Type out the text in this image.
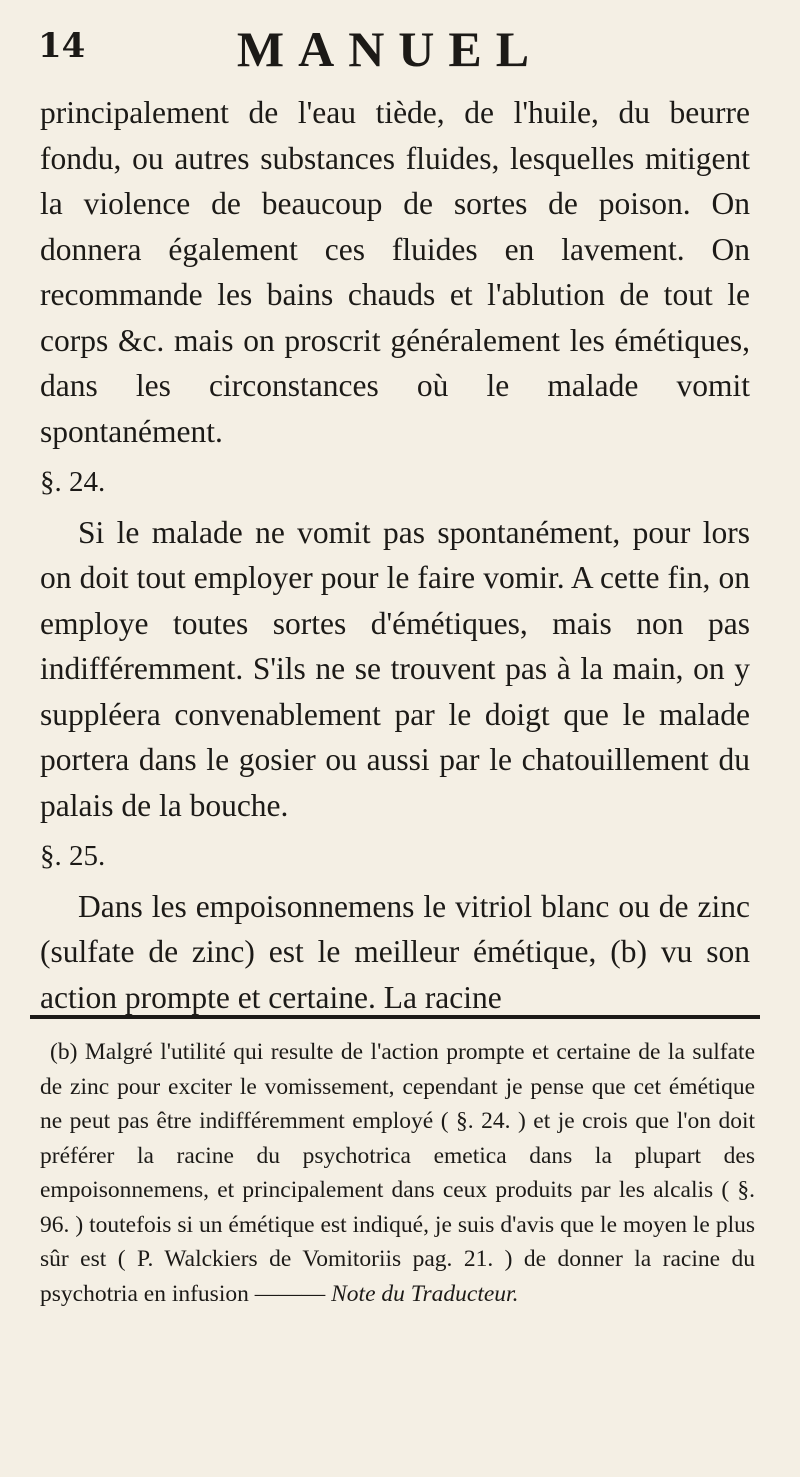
14	MANUEL

principalement de l'eau tiède, de l'huile, du beurre fondu, ou autres substances fluides, lesquelles mitigent la violence de beaucoup de sortes de poison. On donnera également ces fluides en lavement. On recommande les bains chauds et l'ablution de tout le corps &c. mais on proscrit généralement les émétiques, dans les circonstances où le malade vomit spontanément.

§. 24.

Si le malade ne vomit pas spontanément, pour lors on doit tout employer pour le faire vomir. A cette fin, on employe toutes sortes d'émétiques, mais non pas indifféremment. S'ils ne se trouvent pas à la main, on y suppléera convenablement par le doigt que le malade portera dans le gosier ou aussi par le chatouillement du palais de la bouche.

§. 25.

Dans les empoisonnemens le vitriol blanc ou de zinc (sulfate de zinc) est le meilleur émétique, (b) vu son action prompte et certaine. La racine

(b) Malgré l'utilité qui resulte de l'action prompte et certaine de la sulfate de zinc pour exciter le vomissement, cependant je pense que cet émétique ne peut pas être indifféremment employé ( §. 24. ) et je crois que l'on doit préférer la racine du psychotrica emetica dans la plupart des empoisonnemens, et principalement dans ceux produits par les alcalis ( §. 96. ) toutefois si un émétique est indiqué, je suis d'avis que le moyen le plus sûr est ( P. Walckiers de Vomitoriis pag. 21. ) de donner la racine du psychotria en infusion ——— Note du Traducteur.
